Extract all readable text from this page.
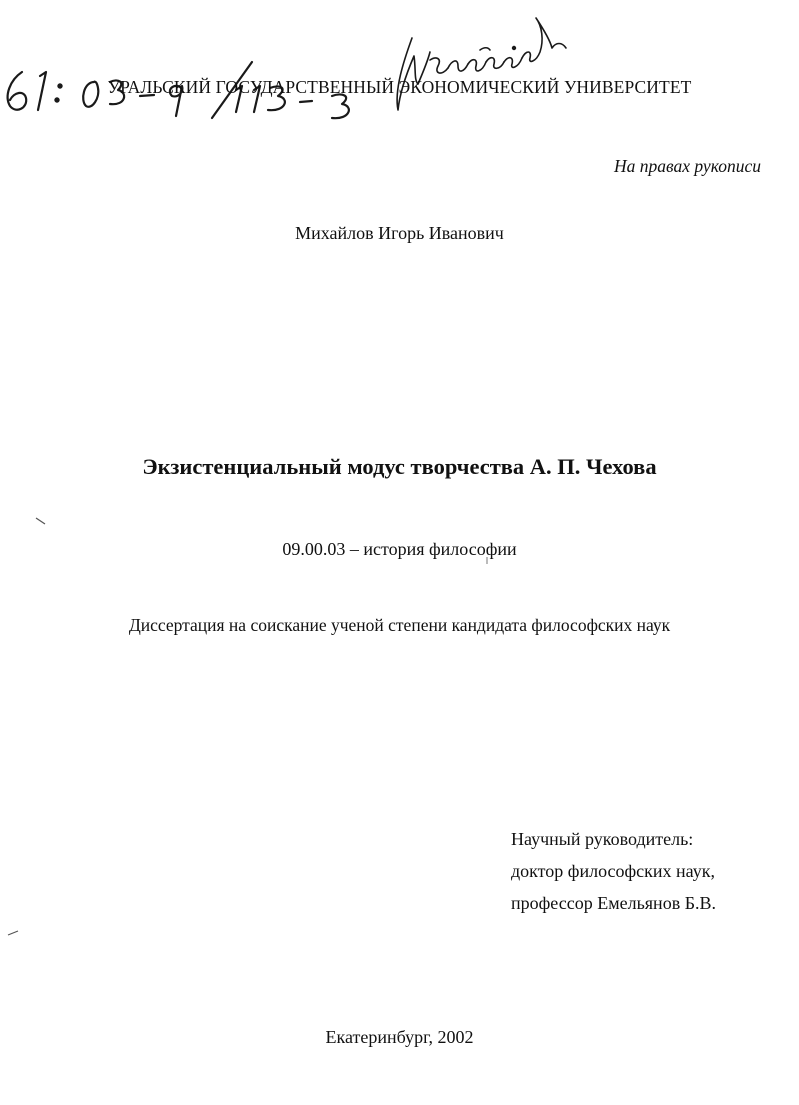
УРАЛЬСКИЙ ГОСУДАРСТВЕННЫЙ ЭКОНОМИЧЕСКИЙ УНИВЕРСИТЕТ
На правах рукописи
Михайлов Игорь Иванович
Экзистенциальный модус творчества А. П. Чехова
09.00.03 – история философии
Диссертация на соискание ученой степени кандидата философских наук
Научный руководитель:
доктор философских наук,
профессор Емельянов Б.В.
Екатеринбург, 2002
